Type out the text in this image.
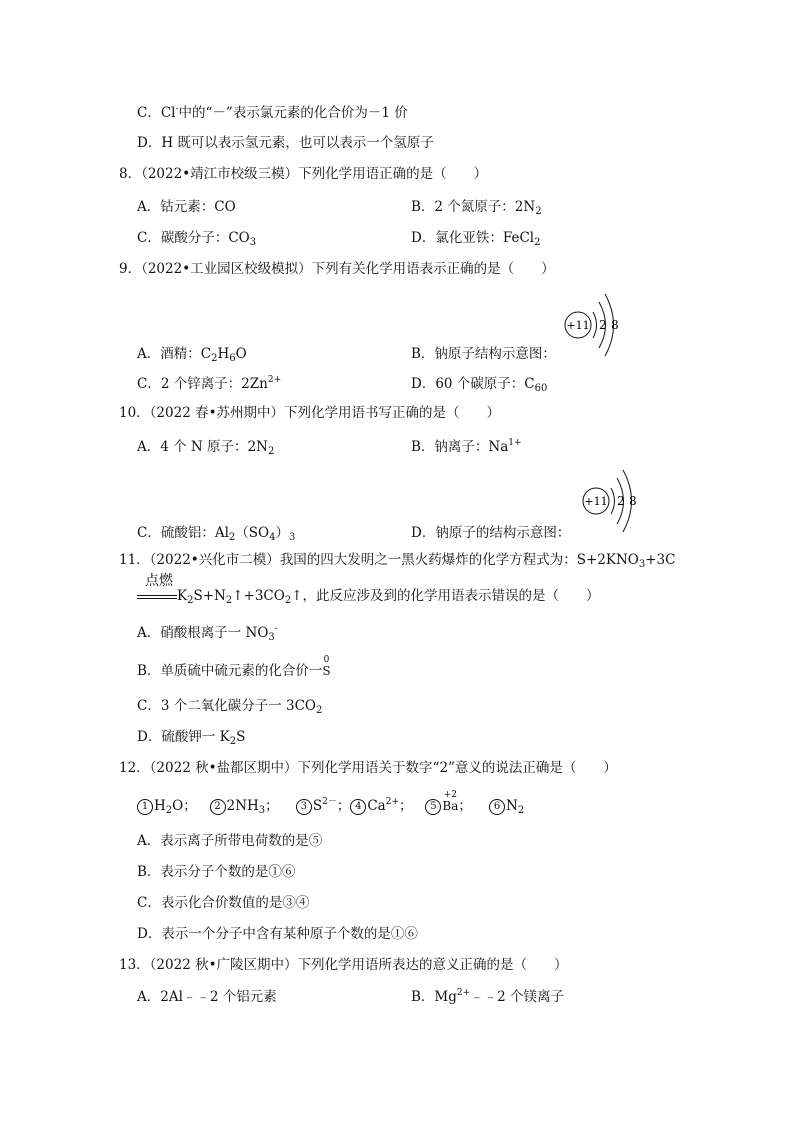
C．Cl-中的“－”表示氯元素的化合价为－1 价
D．H 既可以表示氢元素，也可以表示一个氢原子
8．（2022•靖江市校级三模）下列化学用语正确的是（　　）
A．钴元素：CO	B．2 个氮原子：$2N_2$
C．碳酸分子：$CO_3$	D．氯化亚铁：FeCl$_2$
9．（2022•工业园区校级模拟）下列有关化学用语表示正确的是（　　）
+11 2 8
A．酒精：$C_2H_6O$	B．钠原子结构示意图：
C．2 个锌离子：$2Zn^{2+}$	D．60 个碳原子：$C_{60}$
10．（2022 春•苏州期中）下列化学用语书写正确的是（　　）
A．4 个 N 原子：$2N_2$	B．钠离子：$Na^{1+}$
+11 2 8
C．硫酸铝：$Al_2(SO_4)_3$	D．钠原子的结构示意图：
11．（2022•兴化市二模）我国的四大发明之一黑火药爆炸的化学方程式为：$S+2KNO_3+3C$
点燃
$K_2S+N_2↑+3CO_2↑$，此反应涉及到的化学用语表示错误的是（　　）
A．硝酸根离子一 $NO_3^-$
B．单质硫中硫元素的化合价一
0
S
C．3 个二氧化碳分子一 $3CO_2$
D．硫酸钾一 $K_2S$
12．（2022 秋•盐都区期中）下列化学用语关于数字“2”意义的说法正确是（　　）
1 $H_2O$； 2 $2NH_3$； 3 $S^{2-}$； 4 $Ca^{2+}$； 5
+2
Ba； 6 $N_2$
A．表示离子所带电荷数的是⑤
B．表示分子个数的是①⑥
C．表示化合价数值的是③④
D．表示一个分子中含有某种原子个数的是①⑥
13．（2022 秋•广陵区期中）下列化学用语所表达的意义正确的是（　　）
A．2Al﹣﹣2 个铝元素	B．$Mg^{2+}﹣﹣2$ 个镁离子
